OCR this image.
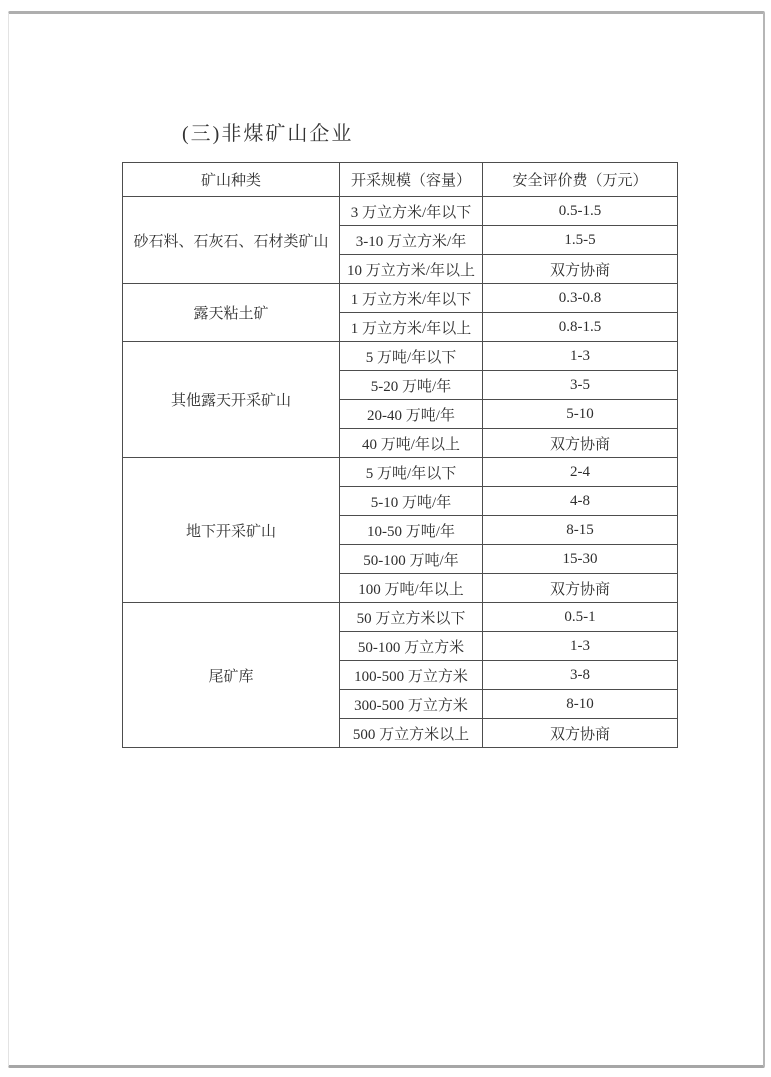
(三)非煤矿山企业
矿山种类	开采规模（容量）	安全评价费（万元）
砂石料、石灰石、石材类矿山	3 万立方米/年以下	0.5-1.5
	3-10 万立方米/年	1.5-5
	10 万立方米/年以上	双方协商
露天粘土矿	1 万立方米/年以下	0.3-0.8
	1 万立方米/年以上	0.8-1.5
其他露天开采矿山	5 万吨/年以下	1-3
	5-20 万吨/年	3-5
	20-40 万吨/年	5-10
	40 万吨/年以上	双方协商
地下开采矿山	5 万吨/年以下	2-4
	5-10 万吨/年	4-8
	10-50 万吨/年	8-15
	50-100 万吨/年	15-30
	100 万吨/年以上	双方协商
尾矿库	50 万立方米以下	0.5-1
	50-100 万立方米	1-3
	100-500 万立方米	3-8
	300-500 万立方米	8-10
	500 万立方米以上	双方协商
